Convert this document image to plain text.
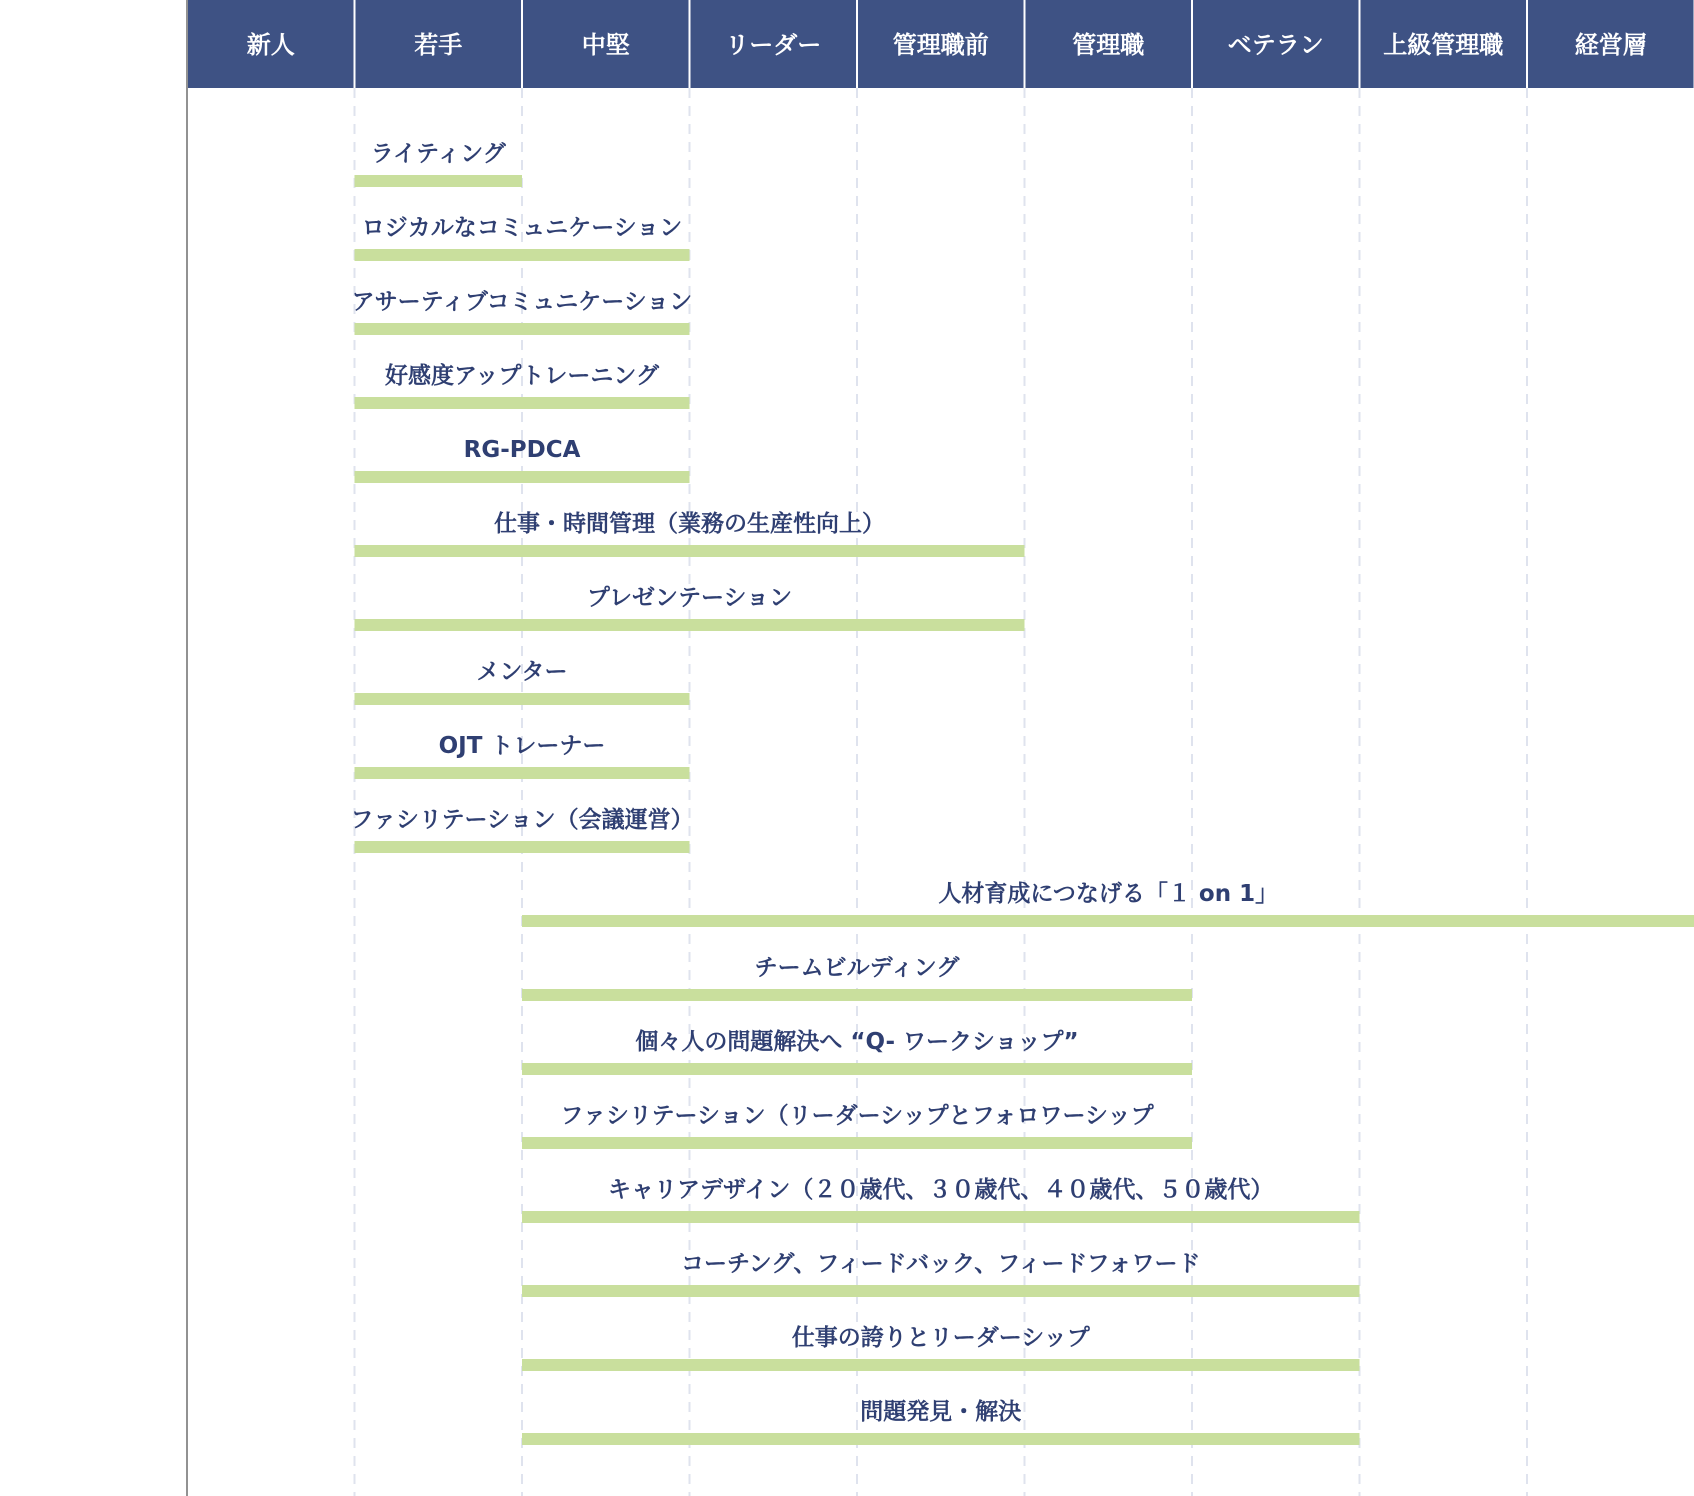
新人	若手	中堅	リーダー	管理職前	管理職	ベテラン 上級管理職	経営層
ライティング
ロジカルなコミュニケーション
アサーティブコミュニケーション
好感度アップトレーニング
RG-PDCA
仕事・時間管理（業務の生産性向上）
プレゼンテーション
メンター
OJT トレーナー
ファシリテーション（会議運営）
人材育成につなげる「１ on 1」
チームビルディング
個々人の問題解決へ “Q- ワークショップ”
ファシリテーション（リーダーシップとフォロワーシップ
キャリアデザイン（２０歳代、３０歳代、４０歳代、５０歳代）
コーチング、フィードバック、フィードフォワード
仕事の誇りとリーダーシップ
問題発見・解決
